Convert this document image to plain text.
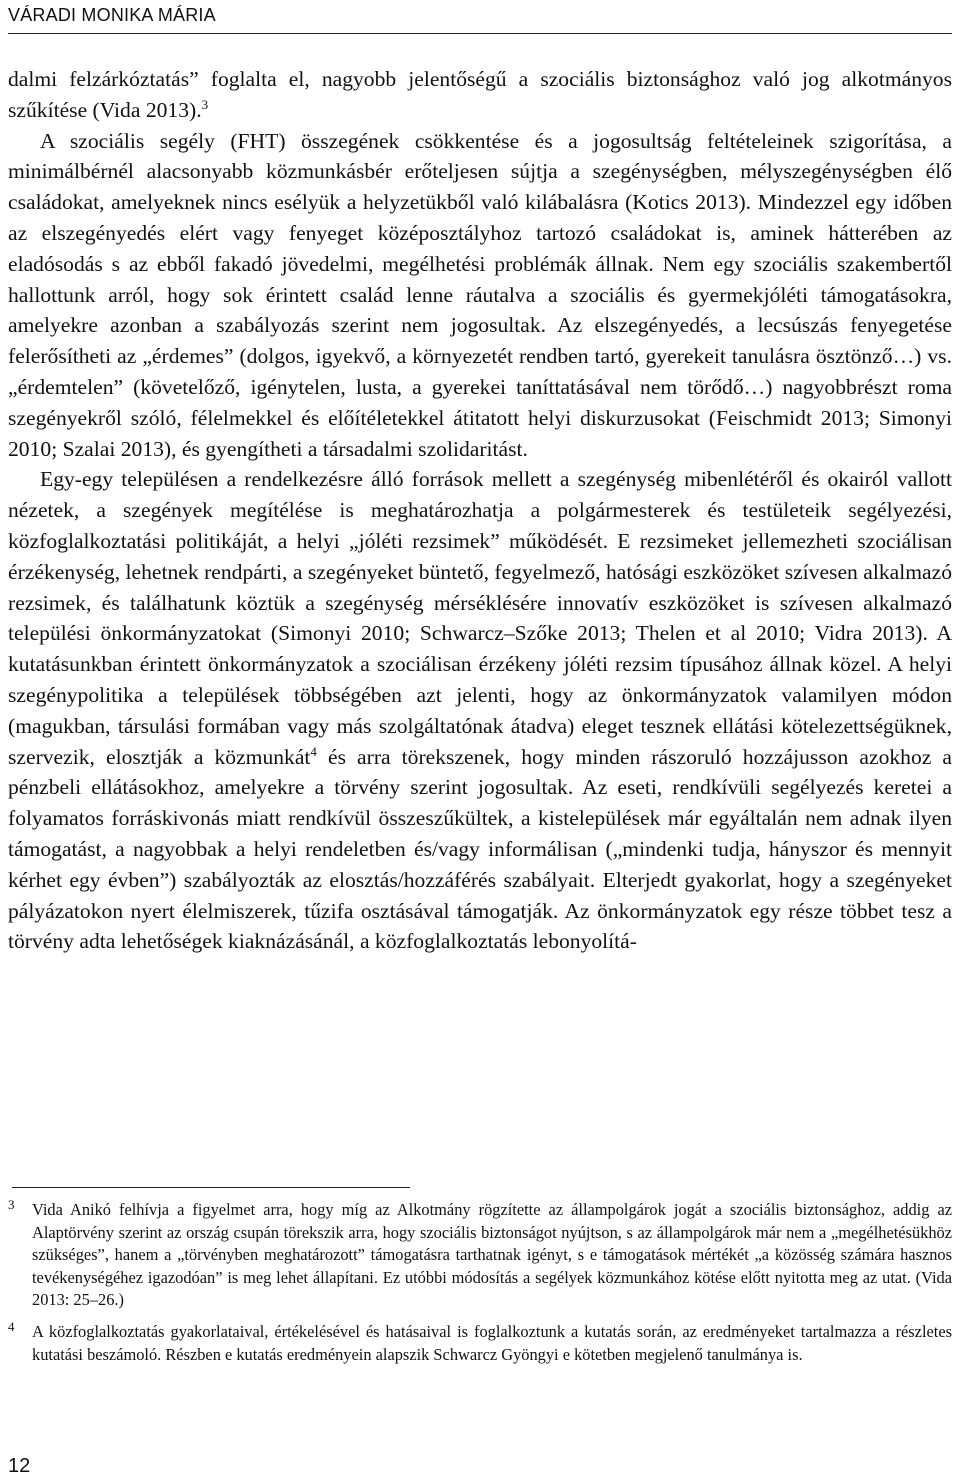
VÁRADI MONIKA MÁRIA

dalmi felzárkóztatás” foglalta el, nagyobb jelentőségű a szociális biztonsághoz való jog alkotmányos szűkítése (Vida 2013).$^3$

A szociális segély (FHT) összegének csökkentése és a jogosultság feltételeinek szigorítása, a minimálbérnél alacsonyabb közmunkásbér erőteljesen sújtja a szegénységben, mélyszegénységben élő családokat, amelyeknek nincs esélyük a helyzetükből való kilábalásra (Kotics 2013). Mindezzel egy időben az elszegényedés elért vagy fenyeget középosztályhoz tartozó családokat is, aminek hátterében az eladósodás s az ebből fakadó jövedelmi, megélhetési problémák állnak. Nem egy szociális szakembertől hallottunk arról, hogy sok érintett család lenne ráutalva a szociális és gyermekjóléti támogatásokra, amelyekre azonban a szabályozás szerint nem jogosultak. Az elszegényedés, a lecsúszás fenyegetése felerősítheti az „érdemes” (dolgos, igyekvő, a környezetét rendben tartó, gyerekeit tanulásra ösztönző…) vs. „érdemtelen” (követelőző, igénytelen, lusta, a gyerekei taníttatásával nem törődő…) nagyobbrészt roma szegényekről szóló, félelmekkel és előítéletekkel átitatott helyi diskurzusokat (Feischmidt 2013; Simonyi 2010; Szalai 2013), és gyengítheti a társadalmi szolidaritást.

Egy-egy településen a rendelkezésre álló források mellett a szegénység mibenlétéről és okairól vallott nézetek, a szegények megítélése is meghatározhatja a polgármesterek és testületeik segélyezési, közfoglalkoztatási politikáját, a helyi „jóléti rezsimek” működését. E rezsimeket jellemezheti szociálisan érzékenység, lehetnek rendpárti, a szegényeket büntető, fegyelmező, hatósági eszközöket szívesen alkalmazó rezsimek, és találhatunk köztük a szegénység mérséklésére innovatív eszközöket is szívesen alkalmazó települési önkormányzatokat (Simonyi 2010; Schwarcz–Szőke 2013; Thelen et al 2010; Vidra 2013). A kutatásunkban érintett önkormányzatok a szociálisan érzékeny jóléti rezsim típusához állnak közel. A helyi szegénypolitika a települések többségében azt jelenti, hogy az önkormányzatok valamilyen módon (magukban, társulási formában vagy más szolgáltatónak átadva) eleget tesznek ellátási kötelezettségüknek, szervezik, elosztják a közmunkát$^4$ és arra törekszenek, hogy minden rászoruló hozzájusson azokhoz a pénzbeli ellátásokhoz, amelyekre a törvény szerint jogosultak. Az eseti, rendkívüli segélyezés keretei a folyamatos forráskivonás miatt rendkívül összeszűkültek, a kistelepülések már egyáltalán nem adnak ilyen támogatást, a nagyobbak a helyi rendeletben és/vagy informálisan („mindenki tudja, hányszor és mennyit kérhet egy évben”) szabályozták az elosztás/hozzáférés szabályait. Elterjedt gyakorlat, hogy a szegényeket pályázatokon nyert élelmiszerek, tűzifa osztásával támogatják. Az önkormányzatok egy része többet tesz a törvény adta lehetőségek kiaknázásánál, a közfoglalkoztatás lebonyolítá-

3 Vida Anikó felhívja a figyelmet arra, hogy míg az Alkotmány rögzítette az állampolgárok jogát a szociális biztonsághoz, addig az Alaptörvény szerint az ország csupán törekszik arra, hogy szociális biztonságot nyújtson, s az állampolgárok már nem a „megélhetésükhöz szükséges”, hanem a „törvényben meghatározott” támogatásra tarthatnak igényt, s e támogatások mértékét „a közösség számára hasznos tevékenységéhez igazodóan” is meg lehet állapítani. Ez utóbbi módosítás a segélyek közmunkához kötése előtt nyitotta meg az utat. (Vida 2013: 25–26.)

4 A közfoglalkoztatás gyakorlataival, értékelésével és hatásaival is foglalkoztunk a kutatás során, az eredményeket tartalmazza a részletes kutatási beszámoló. Részben e kutatás eredményein alapszik Schwarcz Gyöngyi e kötetben megjelenő tanulmánya is.

12
